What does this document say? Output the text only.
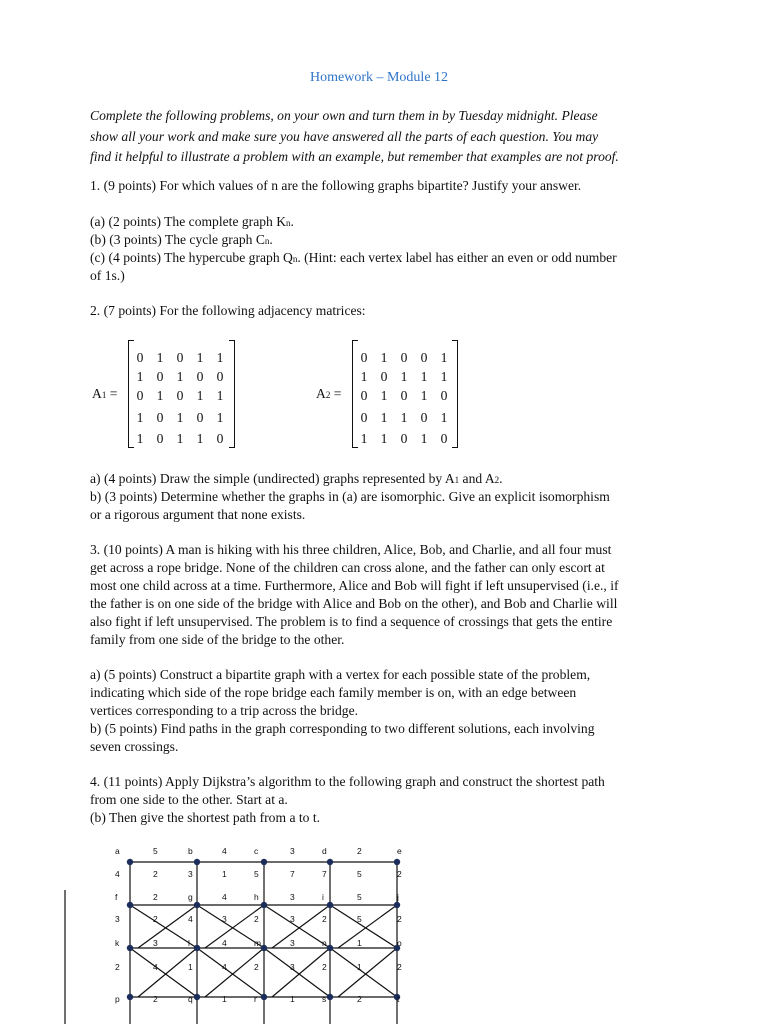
Homework – Module 12
Complete the following problems, on your own and turn them in by Tuesday midnight. Please
show all your work and make sure you have answered all the parts of each question. You may
find it helpful to illustrate a problem with an example, but remember that examples are not proof.
1. (9 points) For which values of n are the following graphs bipartite? Justify your answer.
(a) (2 points) The complete graph Kn.
(b) (3 points) The cycle graph Cn.
(c) (4 points) The hypercube graph Qn. (Hint: each vertex label has either an even or odd number
of 1s.)
2. (7 points) For the following adjacency matrices:
A1 =
0 1 0 1 1
1 0 1 0 0
0 1 0 1 1
1 0 1 0 1
1 0 1 1 0
A2 =
0 1 0 0 1
1 0 1 1 1
0 1 0 1 0
0 1 1 0 1
1 1 0 1 0
a) (4 points) Draw the simple (undirected) graphs represented by A1 and A2.
b) (3 points) Determine whether the graphs in (a) are isomorphic. Give an explicit isomorphism
or a rigorous argument that none exists.
3. (10 points) A man is hiking with his three children, Alice, Bob, and Charlie, and all four must
get across a rope bridge. None of the children can cross alone, and the father can only escort at
most one child across at a time. Furthermore, Alice and Bob will fight if left unsupervised (i.e., if
the father is on one side of the bridge with Alice and Bob on the other), and Bob and Charlie will
also fight if left unsupervised. The problem is to find a sequence of crossings that gets the entire
family from one side of the bridge to the other.
a) (5 points) Construct a bipartite graph with a vertex for each possible state of the problem,
indicating which side of the rope bridge each family member is on, with an edge between
vertices corresponding to a trip across the bridge.
b) (5 points) Find paths in the graph corresponding to two different solutions, each involving
seven crossings.
4. (11 points) Apply Dijkstra’s algorithm to the following graph and construct the shortest path
from one side to the other. Start at a.
(b) Then give the shortest path from a to t.
a	5	b	4	c	3	d	2	e
4	2	3	1	5	7	7	5	2
f	2	g	4	h	3	i	5	j
3	2	4	3	2	3	2	5	2
k	3	l	4	m	3	n	1	o
2	4	1	4	2	3	2	1	2
p	2	q	1	r	1	s	2	t
